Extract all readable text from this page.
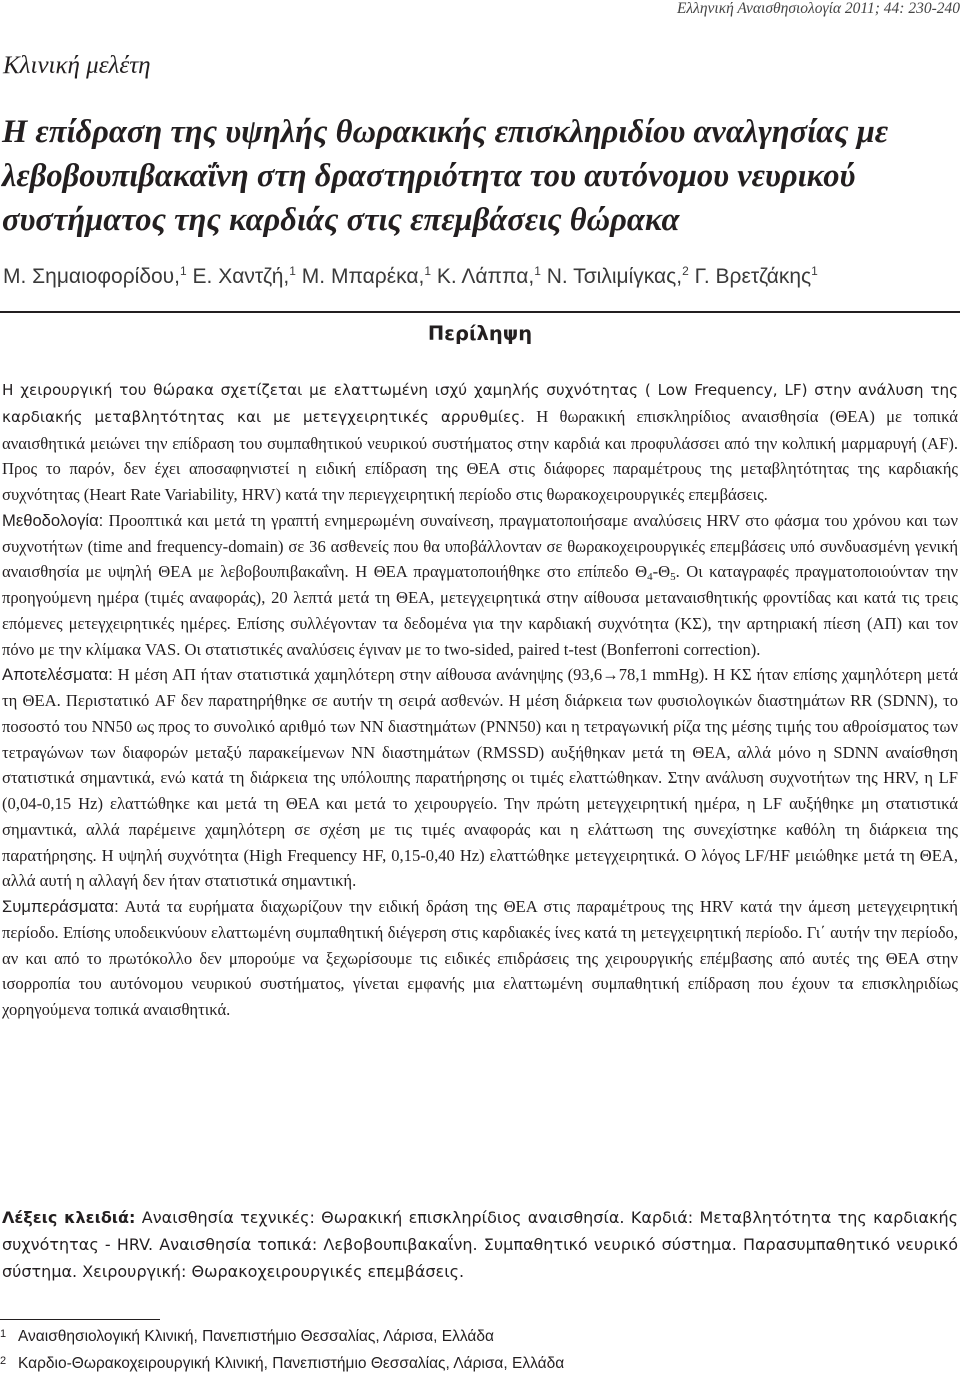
Ελληνική Αναισθησιολογία 2011; 44: 230-240
Κλινική μελέτη
Η επίδραση της υψηλής θωρακικής επισκληριδίου αναλγησίας με λεβοβουπιβακαΐνη στη δραστηριότητα του αυτόνομου νευρικού συστήματος της καρδιάς στις επεμβάσεις θώρακα
Μ. Σημαιοφορίδου,$^1$ Ε. Χαντζή,$^1$ Μ. Μπαρέκα,$^1$ Κ. Λάππα,$^1$ Ν. Τσιλιμίγκας,$^2$ Γ. Βρετζάκης$^1$
Περίληψη

Η χειρουργική του θώρακα σχετίζεται με ελαττωμένη ισχύ χαμηλής συχνότητας ( Low Frequency, LF) στην ανάλυση της καρδιακής μεταβλητότητας και με μετεγχειρητικές αρρυθμίες. Η θωρακική επισκληρίδιος αναισθησία (ΘΕΑ) με τοπικά αναισθητικά μειώνει την επίδραση του συμπαθητικού νευρικού συστήματος στην καρδιά και προφυλάσσει από την κολπική μαρμαρυγή (AF). Προς το παρόν, δεν έχει αποσαφηνιστεί η ειδική επίδραση της ΘΕΑ στις διάφορες παραμέτρους της μεταβλητότητας της καρδιακής συχνότητας (Heart Rate Variability, HRV) κατά την περιεγχειρητική περίοδο στις θωρακοχειρουργικές επεμβάσεις.

Μεθοδολογία: Προοπτικά και μετά τη γραπτή ενημερωμένη συναίνεση, πραγματοποιήσαμε αναλύσεις HRV στο φάσμα του χρόνου και των συχνοτήτων (time and frequency-domain) σε 36 ασθενείς που θα υποβάλλονταν σε θωρακοχειρουργικές επεμβάσεις υπό συνδυασμένη γενική αναισθησία με υψηλή ΘΕΑ με λεβοβουπιβακαΐνη. Η ΘΕΑ πραγματοποιήθηκε στο επίπεδο $\Theta_4-\Theta_5$. Οι καταγραφές πραγματοποιούνταν την προηγούμενη ημέρα (τιμές αναφοράς), 20 λεπτά μετά τη ΘΕΑ, μετεγχειρητικά στην αίθουσα μεταναισθητικής φροντίδας και κατά τις τρεις επόμενες μετεγχειρητικές ημέρες. Επίσης συλλέγονταν τα δεδομένα για την καρδιακή συχνότητα (ΚΣ), την αρτηριακή πίεση (ΑΠ) και τον πόνο με την κλίμακα VAS. Οι στατιστικές αναλύσεις έγιναν με το two-sided, paired t-test (Bonferroni correction).

Αποτελέσματα: Η μέση ΑΠ ήταν στατιστικά χαμηλότερη στην αίθουσα ανάνηψης (93,6→78,1 mmHg). Η ΚΣ ήταν επίσης χαμηλότερη μετά τη ΘΕΑ. Περιστατικό AF δεν παρατηρήθηκε σε αυτήν τη σειρά ασθενών. Η μέση διάρκεια των φυσιολογικών διαστημάτων RR (SDNN), το ποσοστό του NN50 ως προς το συνολικό αριθμό των NN διαστημάτων (PNN50) και η τετραγωνική ρίζα της μέσης τιμής του αθροίσματος των τετραγώνων των διαφορών μεταξύ παρακείμενων NN διαστημάτων (RMSSD) αυξήθηκαν μετά τη ΘΕΑ, αλλά μόνο η SDNN αναίσθηση στατιστικά σημαντικά, ενώ κατά τη διάρκεια της υπόλοιπης παρατήρησης οι τιμές ελαττώθηκαν. Στην ανάλυση συχνοτήτων της HRV, η LF (0,04-0,15 Hz) ελαττώθηκε και μετά τη ΘΕΑ και μετά το χειρουργείο. Την πρώτη μετεγχειρητική ημέρα, η LF αυξήθηκε μη στατιστικά σημαντικά, αλλά παρέμεινε χαμηλότερη σε σχέση με τις τιμές αναφοράς και η ελάττωση της συνεχίστηκε καθόλη τη διάρκεια της παρατήρησης. Η υψηλή συχνότητα (High Frequency HF, 0,15-0,40 Hz) ελαττώθηκε μετεγχειρητικά. Ο λόγος LF/HF μειώθηκε μετά τη ΘΕΑ, αλλά αυτή η αλλαγή δεν ήταν στατιστικά σημαντική.

Συμπεράσματα: Αυτά τα ευρήματα διαχωρίζουν την ειδική δράση της ΘΕΑ στις παραμέτρους της HRV κατά την άμεση μετεγχειρητική περίοδο. Επίσης υποδεικνύουν ελαττωμένη συμπαθητική διέγερση στις καρδιακές ίνες κατά τη μετεγχειρητική περίοδο. Γι΄ αυτήν την περίοδο, αν και από το πρωτόκολλο δεν μπορούμε να ξεχωρίσουμε τις ειδικές επιδράσεις της χειρουργικής επέμβασης από αυτές της ΘΕΑ στην ισορροπία του αυτόνομου νευρικού συστήματος, γίνεται εμφανής μια ελαττωμένη συμπαθητική επίδραση που έχουν τα επισκληριδίως χορηγούμενα τοπικά αναισθητικά.

Λέξεις κλειδιά: Αναισθησία τεχνικές: Θωρακική επισκληρίδιος αναισθησία. Καρδιά: Μεταβλητότητα της καρδιακής συχνότητας - HRV. Αναισθησία τοπικά: Λεβοβουπιβακαΐνη. Συμπαθητικό νευρικό σύστημα. Παρασυμπαθητικό νευρικό σύστημα. Χειρουργική: Θωρακοχειρουργικές επεμβάσεις.

1 Αναισθησιολογική Κλινική, Πανεπιστήμιο Θεσσαλίας, Λάρισα, Ελλάδα
2 Καρδιο-Θωρακοχειρουργική Κλινική, Πανεπιστήμιο Θεσσαλίας, Λάρισα, Ελλάδα
